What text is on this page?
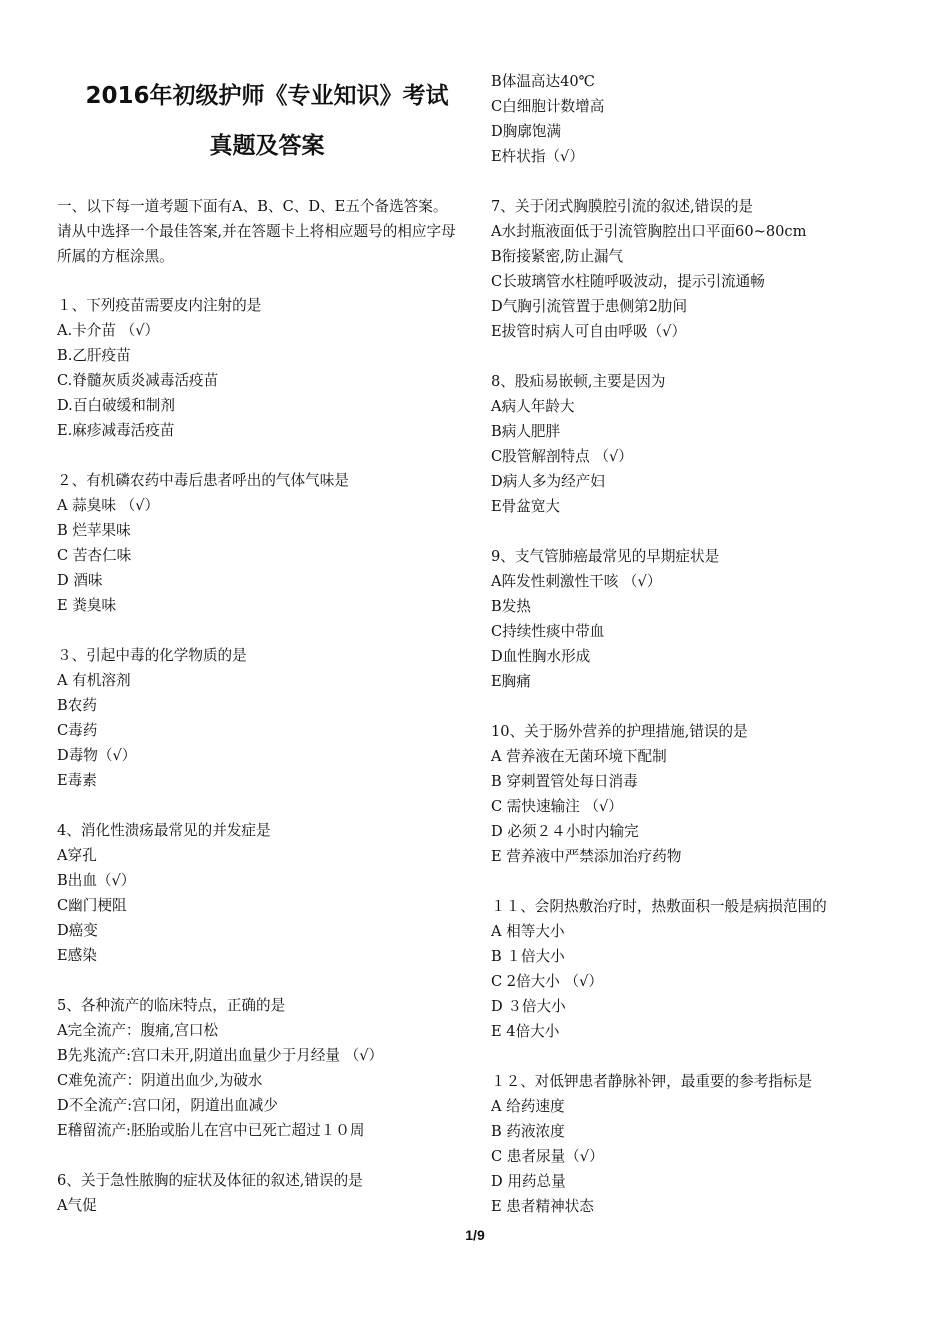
2016年初级护师《专业知识》考试
真题及答案
一、以下每一道考题下面有A、B、C、D、E五个备选答案。请从中选择一个最佳答案,并在答题卡上将相应题号的相应字母所属的方框涂黑。
１、下列疫苗需要皮内注射的是
A.卡介苗 （√）
B.乙肝疫苗
C.脊髓灰质炎减毒活疫苗
D.百白破缓和制剂
E.麻疹减毒活疫苗
２、有机磷农药中毒后患者呼出的气体气味是
A 蒜臭味 （√）
B 烂苹果味
C 苦杏仁味
D 酒味
E 粪臭味
３、引起中毒的化学物质的是
A 有机溶剂
B农药
C毒药
D毒物（√）
E毒素
4、消化性溃疡最常见的并发症是
A穿孔
B出血（√）
C幽门梗阻
D癌变
E感染
5、各种流产的临床特点，正确的是
A完全流产：腹痛,宫口松
B先兆流产:宫口未开,阴道出血量少于月经量 （√）
C难免流产：阴道出血少,为破水
D不全流产:宫口闭，阴道出血减少
E稽留流产:胚胎或胎儿在宫中已死亡超过１０周
6、关于急性脓胸的症状及体征的叙述,错误的是
A气促
B体温高达40℃
C白细胞计数增高
D胸廓饱满
E杵状指（√）
7、关于闭式胸膜腔引流的叙述,错误的是
A水封瓶液面低于引流管胸腔出口平面60~80cm
B衔接紧密,防止漏气
C长玻璃管水柱随呼吸波动，提示引流通畅
D气胸引流管置于患侧第2肋间
E拔管时病人可自由呼吸（√）
8、股疝易嵌顿,主要是因为
A病人年龄大
B病人肥胖
C股管解剖特点 （√）
D病人多为经产妇
E骨盆宽大
9、支气管肺癌最常见的早期症状是
A阵发性刺激性干咳 （√）
B发热
C持续性痰中带血
D血性胸水形成
E胸痛
10、关于肠外营养的护理措施,错误的是
A 营养液在无菌环境下配制
B 穿刺置管处每日消毒
C 需快速输注 （√）
D 必须２４小时内输完
E 营养液中严禁添加治疗药物
１１、会阴热敷治疗时，热敷面积一般是病损范围的
A 相等大小
B １倍大小
C 2倍大小 （√）
D ３倍大小
E 4倍大小
１２、对低钾患者静脉补钾，最重要的参考指标是
A 给药速度
B 药液浓度
C 患者尿量（√）
D 用药总量
E 患者精神状态
1/9
